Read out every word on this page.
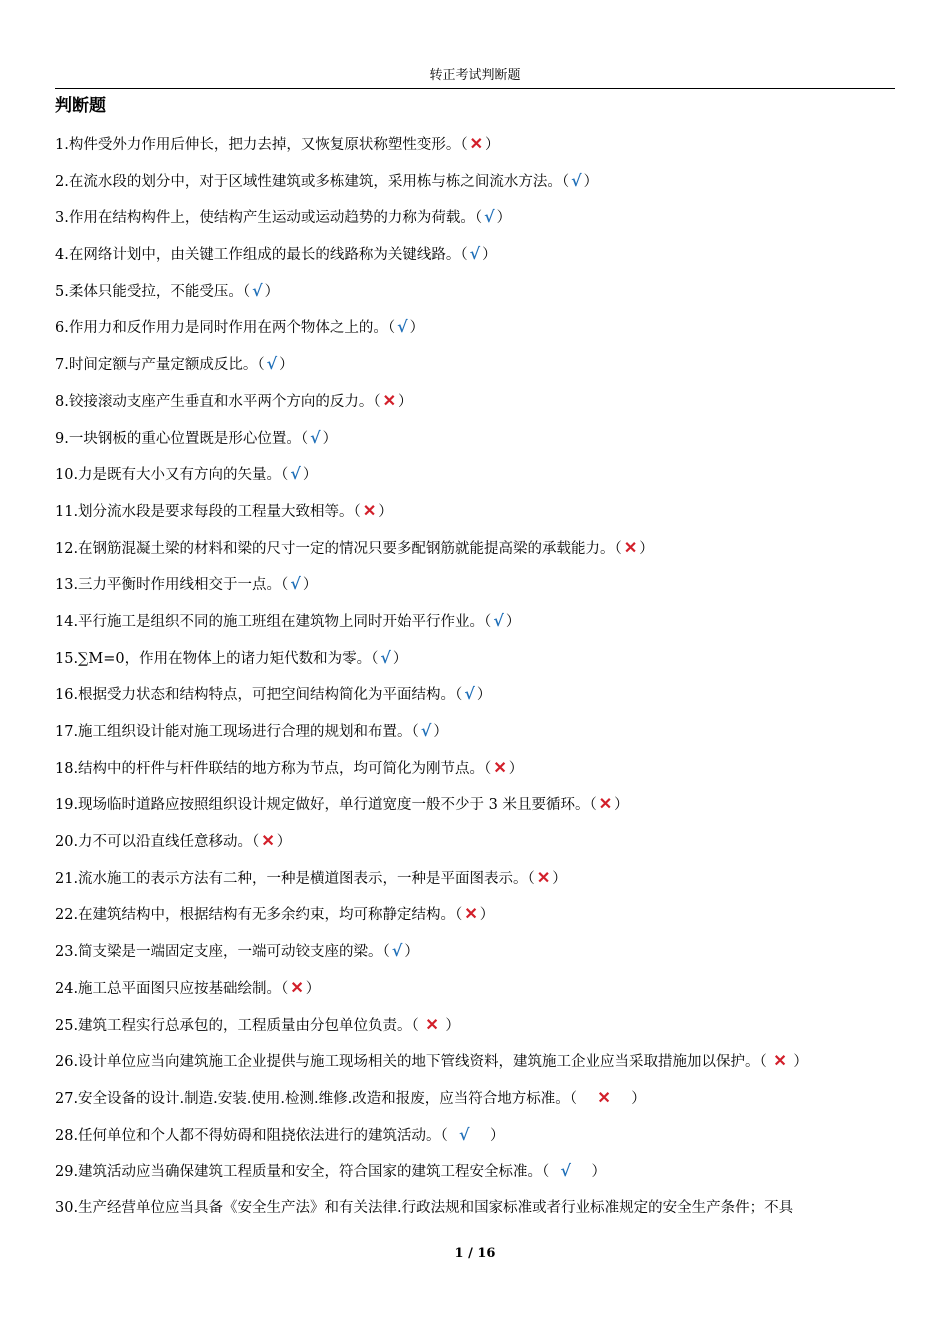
转正考试判断题
判断题
1.构件受外力作用后伸长，把力去掉，又恢复原状称塑性变形。（ ✕ ）
2.在流水段的划分中，对于区域性建筑或多栋建筑，采用栋与栋之间流水方法。（ √ ）
3.作用在结构构件上，使结构产生运动或运动趋势的力称为荷载。（ √ ）
4.在网络计划中，由关键工作组成的最长的线路称为关键线路。（ √ ）
5.柔体只能受拉，不能受压。（ √ ）
6.作用力和反作用力是同时作用在两个物体之上的。（ √ ）
7.时间定额与产量定额成反比。（ √ ）
8.铰接滚动支座产生垂直和水平两个方向的反力。（ ✕ ）
9.一块钢板的重心位置既是形心位置。（ √ ）
10.力是既有大小又有方向的矢量。（ √ ）
11.划分流水段是要求每段的工程量大致相等。（ ✕ ）
12.在钢筋混凝土梁的材料和梁的尺寸一定的情况只要多配钢筋就能提高梁的承载能力。（ ✕ ）
13.三力平衡时作用线相交于一点。（ √ ）
14.平行施工是组织不同的施工班组在建筑物上同时开始平行作业。（ √ ）
15.∑M=0，作用在物体上的诸力矩代数和为零。（ √ ）
16.根据受力状态和结构特点，可把空间结构简化为平面结构。（ √ ）
17.施工组织设计能对施工现场进行合理的规划和布置。（ √ ）
18.结构中的杆件与杆件联结的地方称为节点，均可简化为刚节点。（ ✕ ）
19.现场临时道路应按照组织设计规定做好，单行道宽度一般不少于 3 米且要循环。（ ✕ ）
20.力不可以沿直线任意移动。（ ✕ ）
21.流水施工的表示方法有二种，一种是横道图表示，一种是平面图表示。（ ✕ ）
22.在建筑结构中，根据结构有无多余约束，均可称静定结构。（ ✕ ）
23.简支梁是一端固定支座，一端可动铰支座的梁。（ √ ）
24.施工总平面图只应按基础绘制。（ ✕ ）
25.建筑工程实行总承包的，工程质量由分包单位负责。（ ✕ ）
26.设计单位应当向建筑施工企业提供与施工现场相关的地下管线资料，建筑施工企业应当采取措施加以保护。（ ✕ ）
27.安全设备的设计.制造.安装.使用.检测.维修.改造和报废，应当符合地方标准。（    ✕    ）
28.任何单位和个人都不得妨碍和阻挠依法进行的建筑活动。（  √    ）
29.建筑活动应当确保建筑工程质量和安全，符合国家的建筑工程安全标准。（  √    ）
30.生产经营单位应当具备《安全生产法》和有关法律.行政法规和国家标准或者行业标准规定的安全生产条件；不具
1 / 16
